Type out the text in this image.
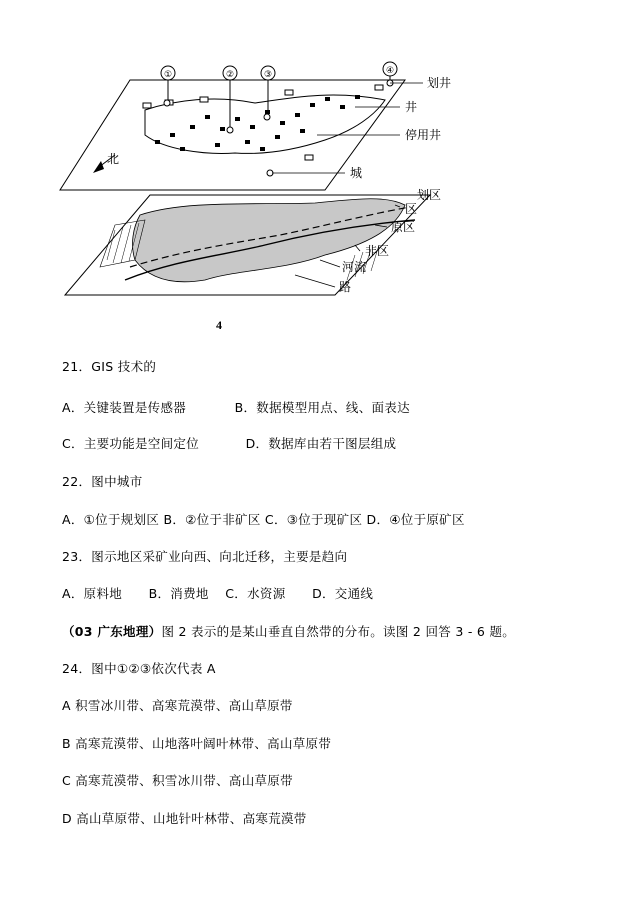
①	②	③	④
北
划井
井
停用井
城
划区
区
原区
非区
河流
路
4
21．GIS 技术的
A．关键装置是传感器	B．数据模型用点、线、面表达
C．主要功能是空间定位	D．数据库由若干图层组成
22．图中城市
A．①位于规划区 B．②位于非矿区 C．③位于现矿区 D．④位于原矿区
23．图示地区采矿业向西、向北迁移，主要是趋向
A．原料地 B．消费地 C．水资源 D．交通线
（03 广东地理）图 2 表示的是某山垂直自然带的分布。读图 2 回答 3 - 6 题。
24．图中①②③依次代表 A
A 积雪冰川带、高寒荒漠带、高山草原带
B 高寒荒漠带、山地落叶阔叶林带、高山草原带
C 高寒荒漠带、积雪冰川带、高山草原带
D 高山草原带、山地针叶林带、高寒荒漠带
